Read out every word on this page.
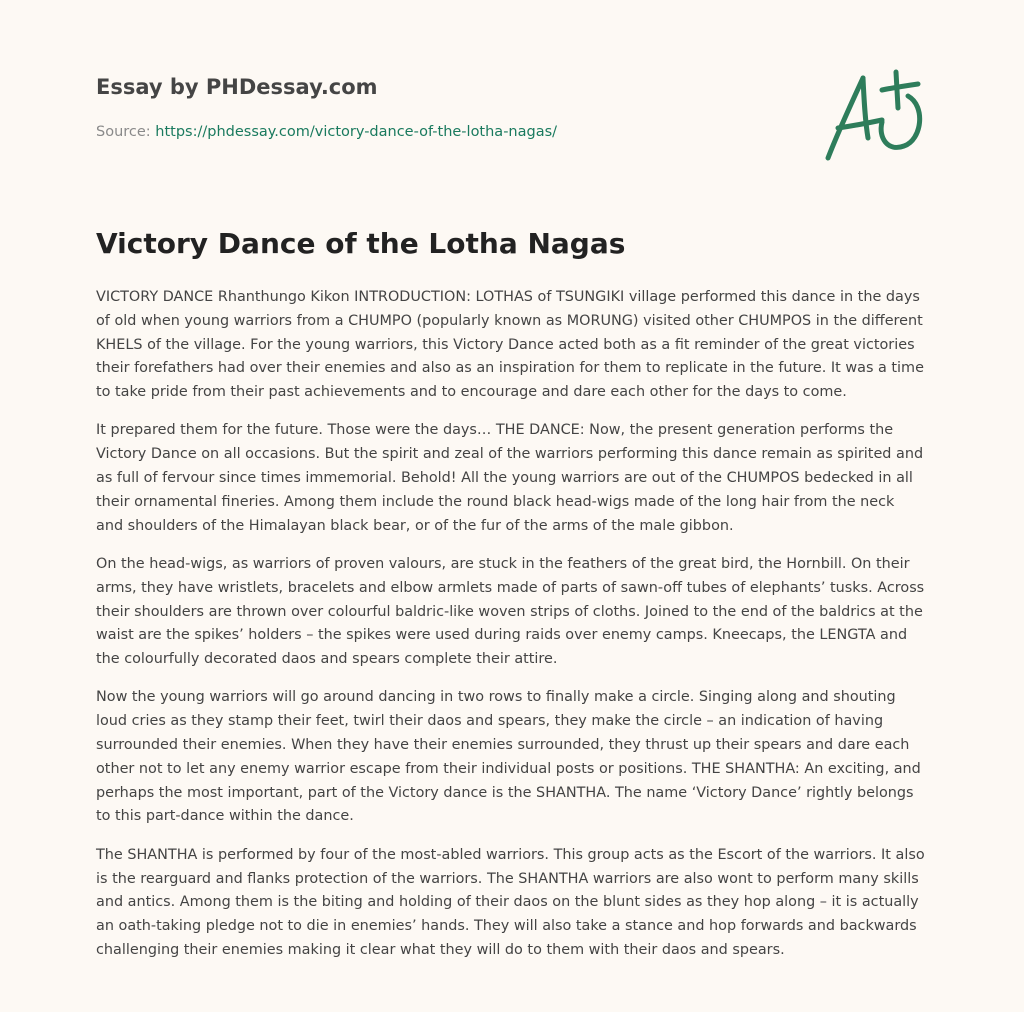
Essay by PHDessay.com
Source: https://phdessay.com/victory-dance-of-the-lotha-nagas/
Victory Dance of the Lotha Nagas

VICTORY DANCE Rhanthungo Kikon INTRODUCTION: LOTHAS of TSUNGIKI village performed this dance in the days of old when young warriors from a CHUMPO (popularly known as MORUNG) visited other CHUMPOS in the different KHELS of the village. For the young warriors, this Victory Dance acted both as a fit reminder of the great victories their forefathers had over their enemies and also as an inspiration for them to replicate in the future. It was a time to take pride from their past achievements and to encourage and dare each other for the days to come.

It prepared them for the future. Those were the days… THE DANCE: Now, the present generation performs the Victory Dance on all occasions. But the spirit and zeal of the warriors performing this dance remain as spirited and as full of fervour since times immemorial. Behold! All the young warriors are out of the CHUMPOS bedecked in all their ornamental fineries. Among them include the round black head-wigs made of the long hair from the neck and shoulders of the Himalayan black bear, or of the fur of the arms of the male gibbon.

On the head-wigs, as warriors of proven valours, are stuck in the feathers of the great bird, the Hornbill. On their arms, they have wristlets, bracelets and elbow armlets made of parts of sawn-off tubes of elephants’ tusks. Across their shoulders are thrown over colourful baldric-like woven strips of cloths. Joined to the end of the baldrics at the waist are the spikes’ holders – the spikes were used during raids over enemy camps. Kneecaps, the LENGTA and the colourfully decorated daos and spears complete their attire.

Now the young warriors will go around dancing in two rows to finally make a circle. Singing along and shouting loud cries as they stamp their feet, twirl their daos and spears, they make the circle – an indication of having surrounded their enemies. When they have their enemies surrounded, they thrust up their spears and dare each other not to let any enemy warrior escape from their individual posts or positions. THE SHANTHA: An exciting, and perhaps the most important, part of the Victory dance is the SHANTHA. The name ‘Victory Dance’ rightly belongs to this part-dance within the dance.

The SHANTHA is performed by four of the most-abled warriors. This group acts as the Escort of the warriors. It also is the rearguard and flanks protection of the warriors. The SHANTHA warriors are also wont to perform many skills and antics. Among them is the biting and holding of their daos on the blunt sides as they hop along – it is actually an oath-taking pledge not to die in enemies’ hands. They will also take a stance and hop forwards and backwards challenging their enemies making it clear what they will do to them with their daos and spears.
